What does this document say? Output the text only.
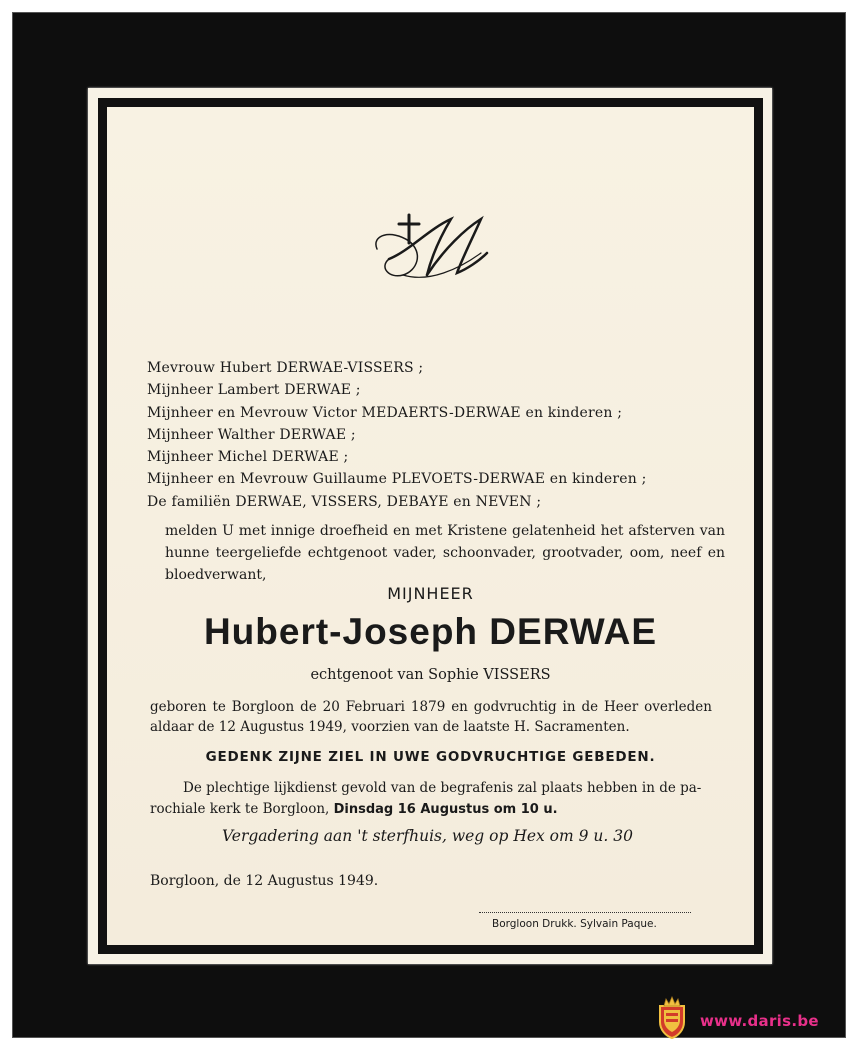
Mevrouw Hubert DERWAE-VISSERS ;
Mijnheer Lambert DERWAE ;
Mijnheer en Mevrouw Victor MEDAERTS-DERWAE en kinderen ;
Mijnheer Walther DERWAE ;
Mijnheer Michel DERWAE ;
Mijnheer en Mevrouw Guillaume PLEVOETS-DERWAE en kinderen ;
De familiën DERWAE, VISSERS, DEBAYE en NEVEN ;
melden U met innige droefheid en met Kristene gelatenheid het afsterven van hunne teergeliefde echtgenoot vader, schoonvader, grootvader, oom, neef en bloedverwant,
MIJNHEER
Hubert-Joseph DERWAE
echtgenoot van Sophie VISSERS
geboren te Borgloon de 20 Februari 1879 en godvruchtig in de Heer overleden aldaar de 12 Augustus 1949, voorzien van de laatste H. Sacramenten.
GEDENK ZIJNE ZIEL IN UWE GODVRUCHTIGE GEBEDEN.
De plechtige lijkdienst gevold van de begrafenis zal plaats hebben in de pa-
rochiale kerk te Borgloon, Dinsdag 16 Augustus om 10 u.
Vergadering aan 't sterfhuis, weg op Hex om 9 u. 30
Borgloon, de 12 Augustus 1949.
Borgloon Drukk. Sylvain Paque.
www.daris.be
